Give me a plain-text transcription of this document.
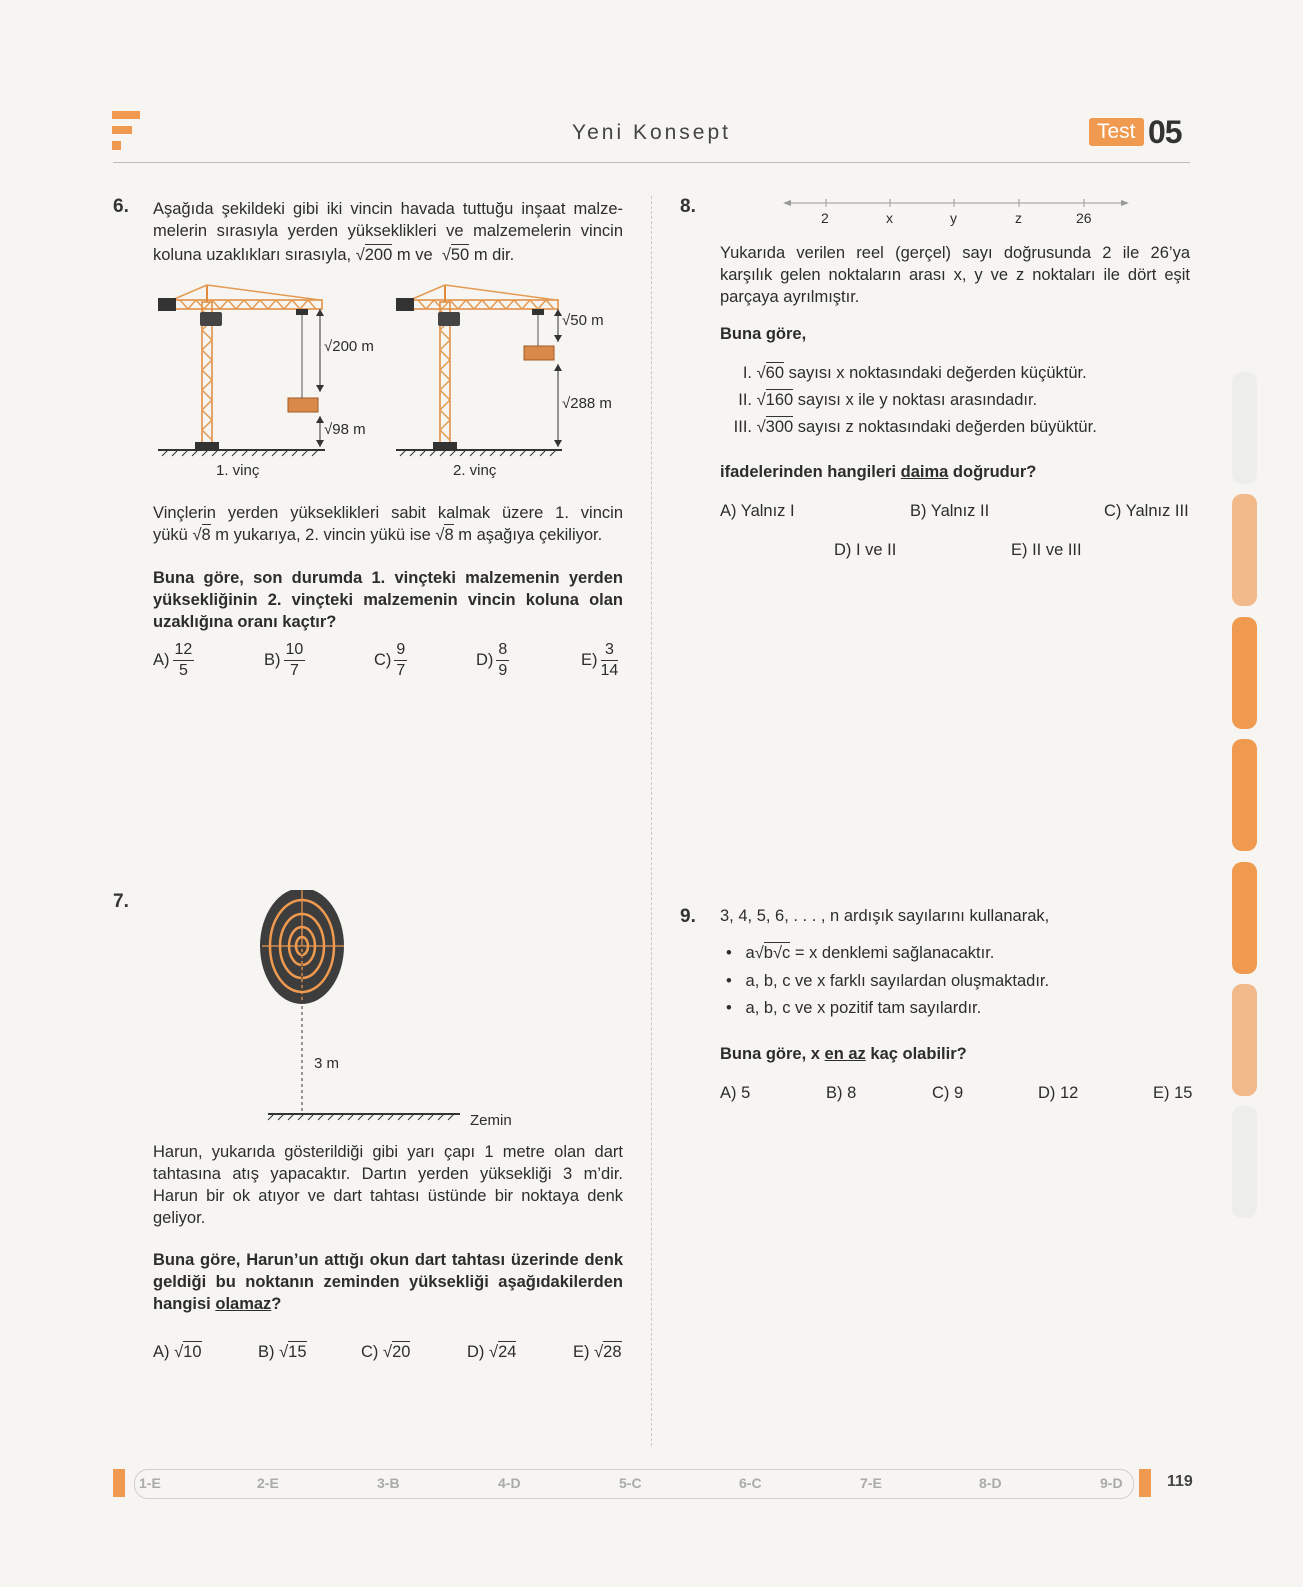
Yeni Konsept	Test 05
6. Aşağıda şekildeki gibi iki vincin havada tuttuğu inşaat malze-
melerin sırasıyla yerden yükseklikleri ve malzemelerin vincin
koluna uzaklıkları sırasıyla, √200 m ve  √50 m dir.
√200 m
√98 m
√50 m
√288 m
1. vinç	2. vinç
Vinçlerin yerden yükseklikleri sabit kalmak üzere 1. vincin
yükü √8 m yukarıya, 2. vincin yükü ise √8 m aşağıya çekiliyor.
Buna göre, son durumda 1. vinçteki malzemenin yerden yüksekliğinin 2. vinçteki malzemenin vincin koluna olan uzaklığına oranı kaçtır?
$A) \frac{12}{5}$	$B) \frac{10}{7}$	$C) \frac{9}{7}$	$D) \frac{8}{9}$	$E) \frac{3}{14}$
7.
3 m
Zemin
Harun, yukarıda gösterildiği gibi yarı çapı 1 metre olan dart tahtasına atış yapacaktır. Dartın yerden yüksekliği 3 m’dir. Harun bir ok atıyor ve dart tahtası üstünde bir noktaya denk geliyor.
Buna göre, Harun’un attığı okun dart tahtası üzerinde denk geldiği bu noktanın zeminden yüksekliği aşağıdakilerden hangisi olamaz?
A) √10	B) √15	C) √20	D) √24	E) √28
8.
2	x	y	z	26
Yukarıda verilen reel (gerçel) sayı doğrusunda 2 ile 26’ya karşılık gelen noktaların arası x, y ve z noktaları ile dört eşit parçaya ayrılmıştır.
Buna göre,
I. √60 sayısı x noktasındaki değerden küçüktür.
II. √160 sayısı x ile y noktası arasındadır.
III. √300 sayısı z noktasındaki değerden büyüktür.
ifadelerinden hangileri daima doğrudur?
A) Yalnız I	B) Yalnız II	C) Yalnız III
D) I ve II	E) II ve III
9. 3, 4, 5, 6, . . . , n ardışık sayılarını kullanarak,
•   a√b√c = x denklemi sağlanacaktır.
•   a, b, c ve x farklı sayılardan oluşmaktadır.
•   a, b, c ve x pozitif tam sayılardır.
Buna göre, x en az kaç olabilir?
A) 5	B) 8	C) 9	D) 12	E) 15
1-E	2-E	3-B	4-D	5-C	6-C	7-E	8-D	9-D	119
